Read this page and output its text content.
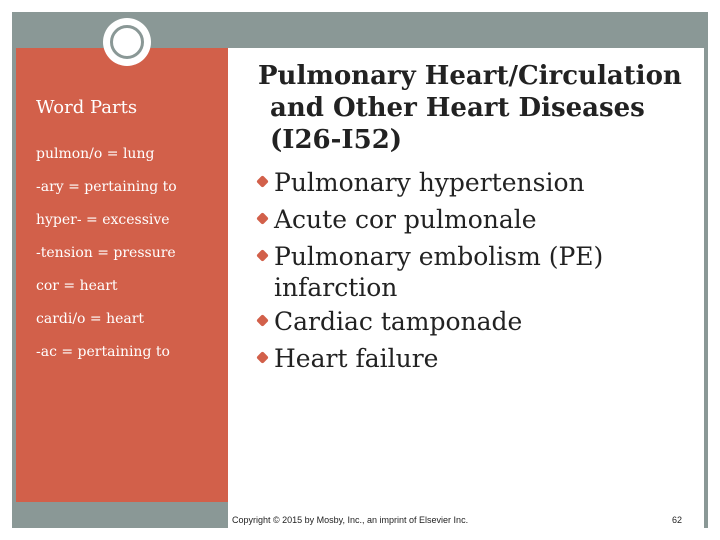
Word Parts
pulmon/o = lung
-ary = pertaining to
hyper- = excessive
-tension = pressure
cor = heart
cardi/o = heart
-ac = pertaining to
Pulmonary Heart/Circulation
and Other Heart Diseases
(I26-I52)
Pulmonary hypertension
Acute cor pulmonale
Pulmonary embolism (PE)
infarction
Cardiac tamponade
Heart failure
Copyright © 2015 by Mosby, Inc., an imprint of Elsevier Inc.	62
